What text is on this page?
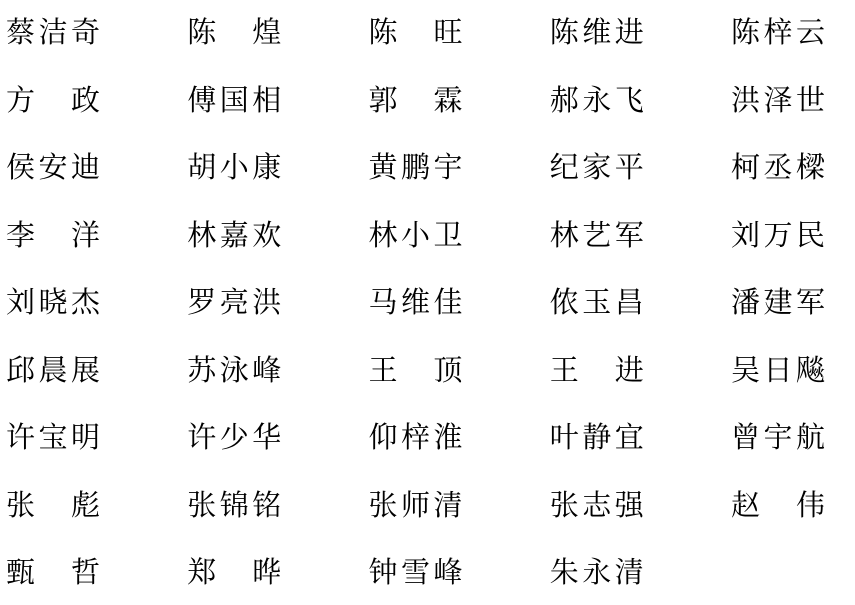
蔡 洁 奇	陈 煌	陈 旺	陈 维 进	陈 梓 云
方 政	傅 国 相	郭 霖	郝 永 飞	洪 泽 世
侯 安 迪	胡 小 康	黄 鹏 宇	纪 家 平	柯 丞 樑
李 洋	林 嘉 欢	林 小 卫	林 艺 军	刘 万 民
刘 晓 杰	罗 亮 洪	马 维 佳	侬 玉 昌	潘 建 军
邱 晨 展	苏 泳 峰	王 顶	王 进	吴 日 飚
许 宝 明	许 少 华	仰 梓 淮	叶 静 宜	曾 宇 航
张 彪	张 锦 铭	张 师 清	张 志 强	赵 伟
甄 哲	郑 晔	钟 雪 峰	朱 永 清
